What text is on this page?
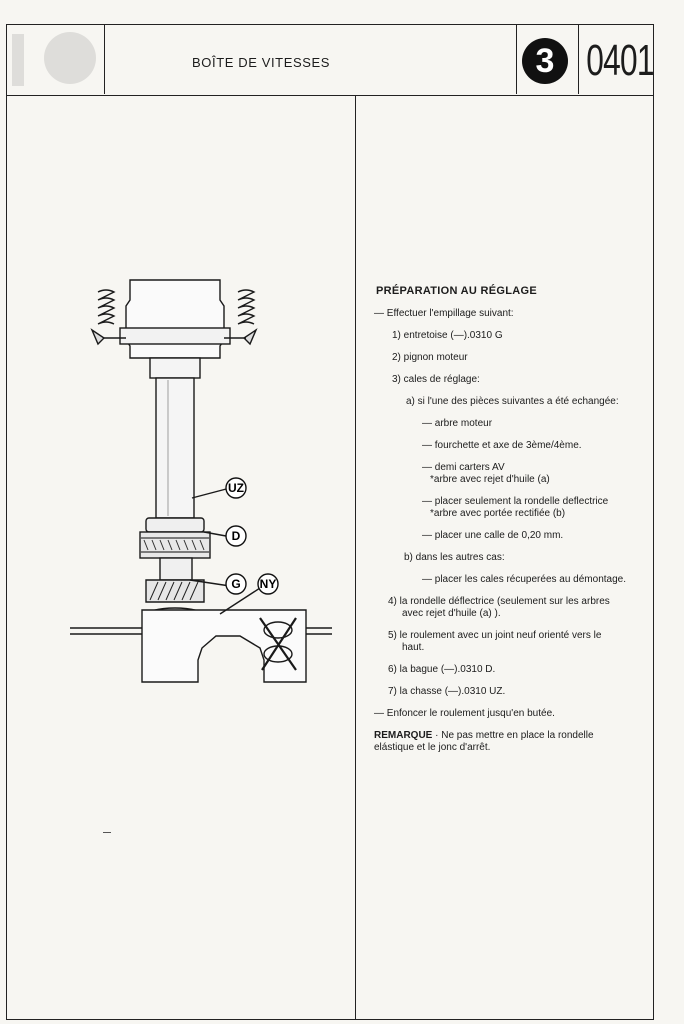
BOÎTE DE VITESSES	3 0401
UZ
D
G NY
PRÉPARATION AU RÉGLAGE
— Effectuer l'empillage suivant:
1) entretoise (—).0310 G
2) pignon moteur
3) cales de réglage:
a) si l'une des pièces suivantes a été echangée:
— arbre moteur
— fourchette et axe de 3ème/4ème.
— demi carters AV
*arbre avec rejet d'huile (a)
— placer seulement la rondelle deflectrice
*arbre avec portée rectifiée (b)
— placer une calle de 0,20 mm.
b) dans les autres cas:
— placer les cales récuperées au démontage.
4) la rondelle déflectrice (seulement sur les arbres
avec rejet d'huile (a) ).
5) le roulement avec un joint neuf orienté vers le
haut.
6) la bague (—).0310 D.
7) la chasse (—).0310 UZ.
— Enfoncer le roulement jusqu'en butée.
REMARQUE · Ne pas mettre en place la rondelle
elástique et le jonc d'arrêt.
